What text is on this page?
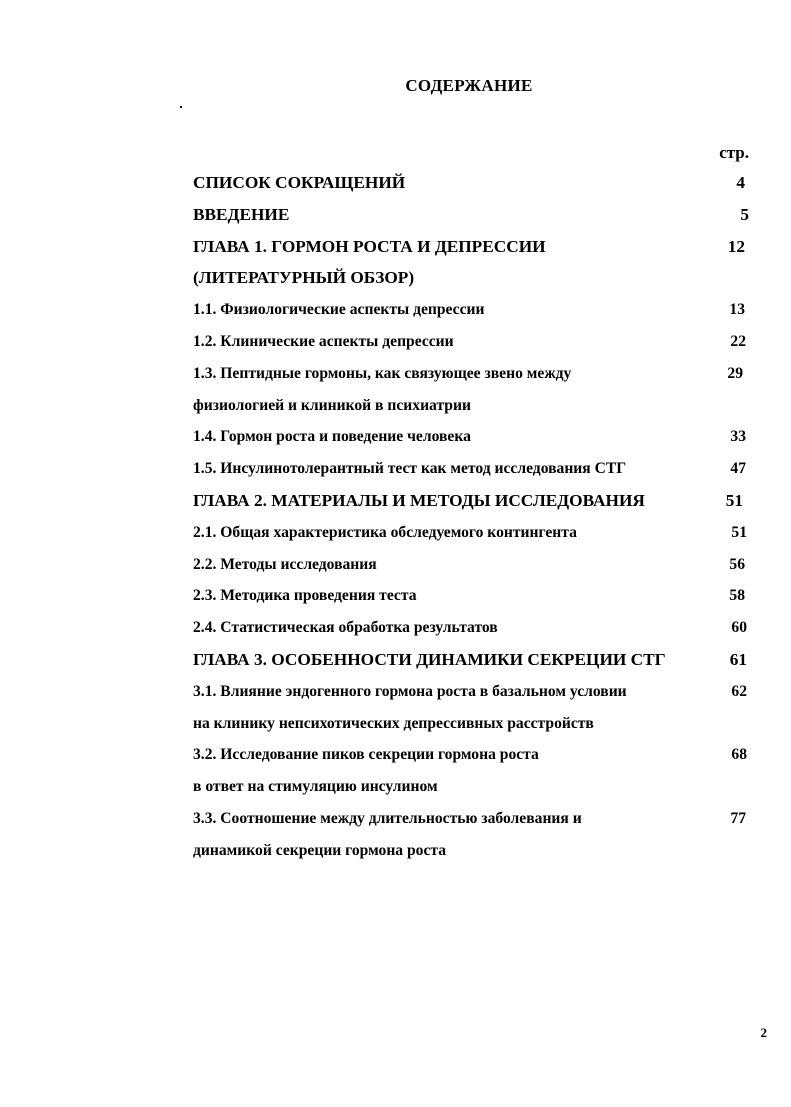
СОДЕРЖАНИЕ
стр.
СПИСОК СОКРАЩЕНИЙ	4
ВВЕДЕНИЕ	5
ГЛАВА 1. ГОРМОН РОСТА И ДЕПРЕССИИ	12
(ЛИТЕРАТУРНЫЙ ОБЗОР)
1.1. Физиологические аспекты депрессии	13
1.2. Клинические аспекты депрессии	22
1.3. Пептидные гормоны, как связующее звено между	29
физиологией и клиникой в психиатрии
1.4. Гормон роста и поведение человека	33
1.5. Инсулинотолерантный тест как метод исследования СТГ	47
ГЛАВА 2. МАТЕРИАЛЫ И МЕТОДЫ ИССЛЕДОВАНИЯ	51
2.1. Общая характеристика обследуемого контингента	51
2.2. Методы исследования	56
2.3. Методика проведения теста	58
2.4. Статистическая обработка результатов	60
ГЛАВА 3. ОСОБЕННОСТИ ДИНАМИКИ СЕКРЕЦИИ СТГ	61
3.1. Влияние эндогенного гормона роста в базальном условии	62
на клинику непсихотических депрессивных расстройств
3.2. Исследование пиков секреции гормона роста	68
в ответ на стимуляцию инсулином
3.3. Соотношение между длительностью заболевания и	77
динамикой секреции гормона роста
2
